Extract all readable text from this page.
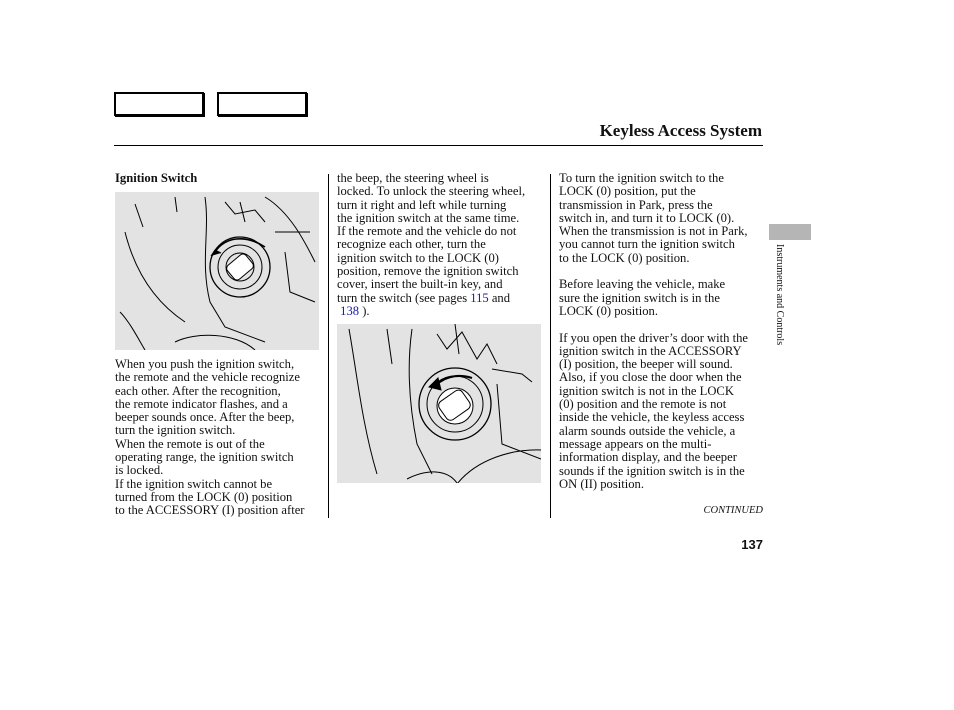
Keyless Access System

Ignition Switch

When you push the ignition switch,

the remote and the vehicle recognize

each other. After the recognition,

the remote indicator flashes, and a

beeper sounds once. After the beep,

turn the ignition switch.

When the remote is out of the

operating range, the ignition switch

is locked.

If the ignition switch cannot be

turned from the LOCK (0) position

to the ACCESSORY (I) position after

the beep, the steering wheel is

locked. To unlock the steering wheel,

turn it right and left while turning

the ignition switch at the same time.

If the remote and the vehicle do not

recognize each other, turn the

ignition switch to the LOCK (0)

position, remove the ignition switch

cover, insert the built-in key, and

turn the switch (see pages 115 and

138 ).

To turn the ignition switch to the

LOCK (0) position, put the

transmission in Park, press the

switch in, and turn it to LOCK (0).

When the transmission is not in Park,

you cannot turn the ignition switch

to the LOCK (0) position.

Before leaving the vehicle, make

sure the ignition switch is in the

LOCK (0) position.

If you open the driver’s door with the

ignition switch in the ACCESSORY

(I) position, the beeper will sound.

Also, if you close the door when the

ignition switch is not in the LOCK

(0) position and the remote is not

inside the vehicle, the keyless access

alarm sounds outside the vehicle, a

message appears on the multi-

information display, and the beeper

sounds if the ignition switch is in the

ON (II) position.

Instruments and Controls
CONTINUED
137
